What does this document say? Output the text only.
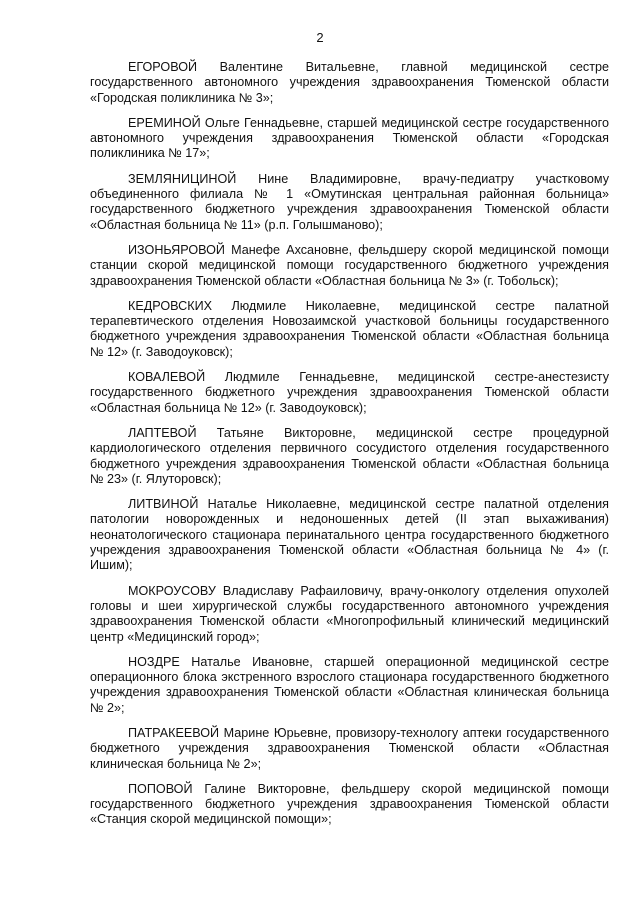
2

ЕГОРОВОЙ Валентине Витальевне, главной медицинской сестре государственного автономного учреждения здравоохранения Тюменской области «Городская поликлиника № 3»;

ЕРЕМИНОЙ Ольге Геннадьевне, старшей медицинской сестре государственного автономного учреждения здравоохранения Тюменской области «Городская поликлиника № 17»;

ЗЕМЛЯНИЦИНОЙ Нине Владимировне, врачу-педиатру участковому объединенного филиала № 1 «Омутинская центральная районная больница» государственного бюджетного учреждения здравоохранения Тюменской области «Областная больница № 11» (р.п. Голышманово);

ИЗОНЬЯРОВОЙ Манефе Ахсановне, фельдшеру скорой медицинской помощи станции скорой медицинской помощи государственного бюджетного учреждения здравоохранения Тюменской области «Областная больница № 3» (г. Тобольск);

КЕДРОВСКИХ Людмиле Николаевне, медицинской сестре палатной терапевтического отделения Новозаимской участковой больницы государственного бюджетного учреждения здравоохранения Тюменской области «Областная больница № 12» (г. Заводоуковск);

КОВАЛЕВОЙ Людмиле Геннадьевне, медицинской сестре-анестезисту государственного бюджетного учреждения здравоохранения Тюменской области «Областная больница № 12» (г. Заводоуковск);

ЛАПТЕВОЙ Татьяне Викторовне, медицинской сестре процедурной кардиологического отделения первичного сосудистого отделения государственного бюджетного учреждения здравоохранения Тюменской области «Областная больница № 23» (г. Ялуторовск);

ЛИТВИНОЙ Наталье Николаевне, медицинской сестре палатной отделения патологии новорожденных и недоношенных детей (II этап выхаживания) неонатологического стационара перинатального центра государственного бюджетного учреждения здравоохранения Тюменской области «Областная больница № 4» (г. Ишим);

МОКРОУСОВУ Владиславу Рафаиловичу, врачу-онкологу отделения опухолей головы и шеи хирургической службы государственного автономного учреждения здравоохранения Тюменской области «Многопрофильный клинический медицинский центр «Медицинский город»;

НОЗДРЕ Наталье Ивановне, старшей операционной медицинской сестре операционного блока экстренного взрослого стационара государственного бюджетного учреждения здравоохранения Тюменской области «Областная клиническая больница № 2»;

ПАТРАКЕЕВОЙ Марине Юрьевне, провизору-технологу аптеки государственного бюджетного учреждения здравоохранения Тюменской области «Областная клиническая больница № 2»;

ПОПОВОЙ Галине Викторовне, фельдшеру скорой медицинской помощи государственного бюджетного учреждения здравоохранения Тюменской области «Станция скорой медицинской помощи»;
